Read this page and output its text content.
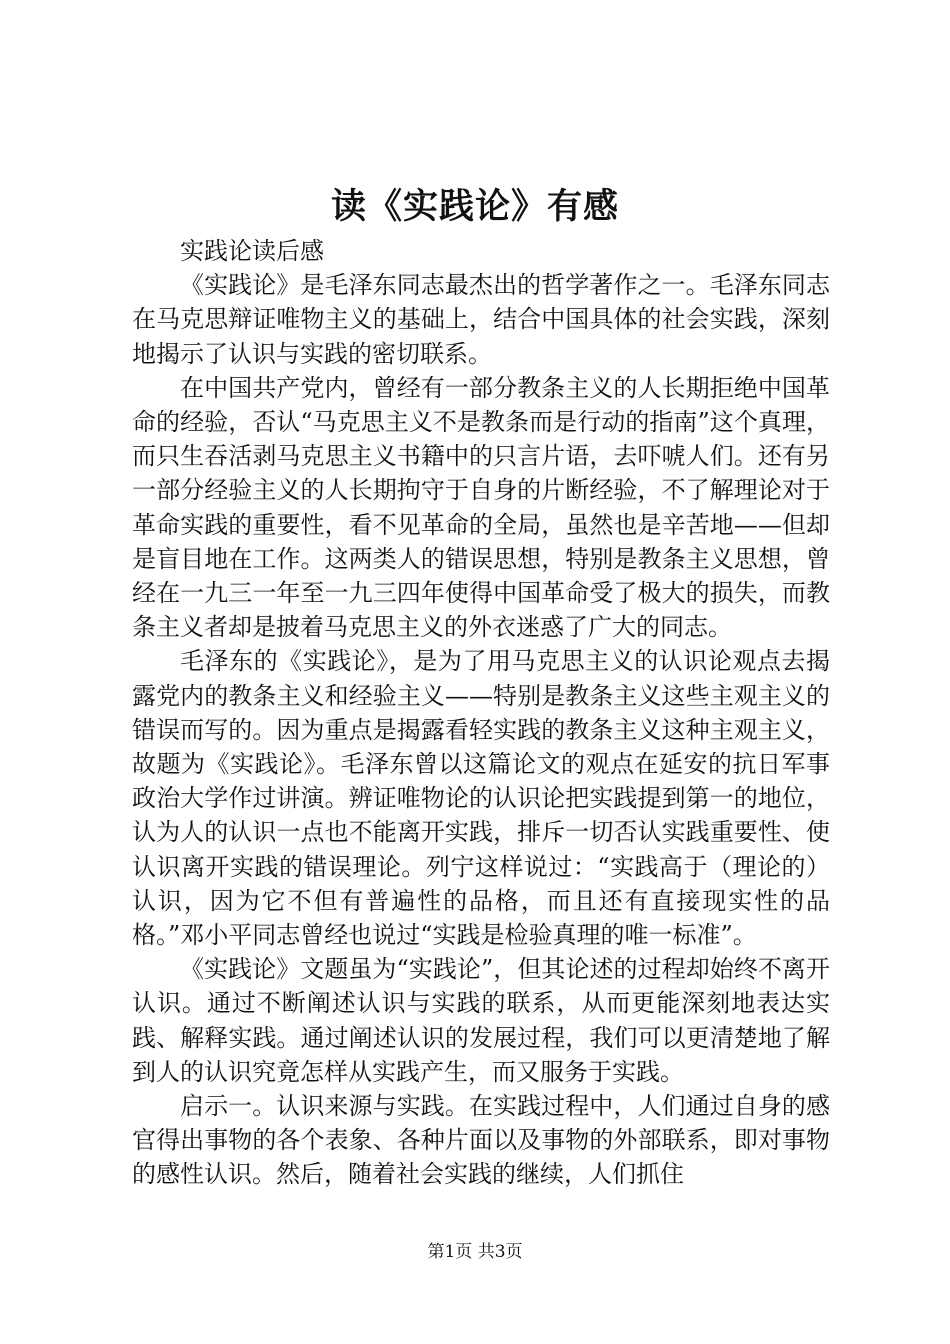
读《实践论》有感

实践论读后感

《实践论》是毛泽东同志最杰出的哲学著作之一。毛泽东同志在马克思辩证唯物主义的基础上，结合中国具体的社会实践，深刻地揭示了认识与实践的密切联系。

在中国共产党内，曾经有一部分教条主义的人长期拒绝中国革命的经验，否认“马克思主义不是教条而是行动的指南”这个真理，而只生吞活剥马克思主义书籍中的只言片语，去吓唬人们。还有另一部分经验主义的人长期拘守于自身的片断经验，不了解理论对于革命实践的重要性，看不见革命的全局，虽然也是辛苦地——但却是盲目地在工作。这两类人的错误思想，特别是教条主义思想，曾经在一九三一年至一九三四年使得中国革命受了极大的损失，而教条主义者却是披着马克思主义的外衣迷惑了广大的同志。

毛泽东的《实践论》，是为了用马克思主义的认识论观点去揭露党内的教条主义和经验主义——特别是教条主义这些主观主义的错误而写的。因为重点是揭露看轻实践的教条主义这种主观主义，故题为《实践论》。毛泽东曾以这篇论文的观点在延安的抗日军事政治大学作过讲演。辨证唯物论的认识论把实践提到第一的地位，认为人的认识一点也不能离开实践，排斥一切否认实践重要性、使认识离开实践的错误理论。列宁这样说过：“实践高于（理论的）认识，因为它不但有普遍性的品格，而且还有直接现实性的品格。”邓小平同志曾经也说过“实践是检验真理的唯一标准”。

《实践论》文题虽为“实践论”，但其论述的过程却始终不离开认识。通过不断阐述认识与实践的联系，从而更能深刻地表达实践、解释实践。通过阐述认识的发展过程，我们可以更清楚地了解到人的认识究竟怎样从实践产生，而又服务于实践。

启示一。认识来源与实践。在实践过程中，人们通过自身的感官得出事物的各个表象、各种片面以及事物的外部联系，即对事物的感性认识。然后，随着社会实践的继续，人们抓住

第1页 共3页
